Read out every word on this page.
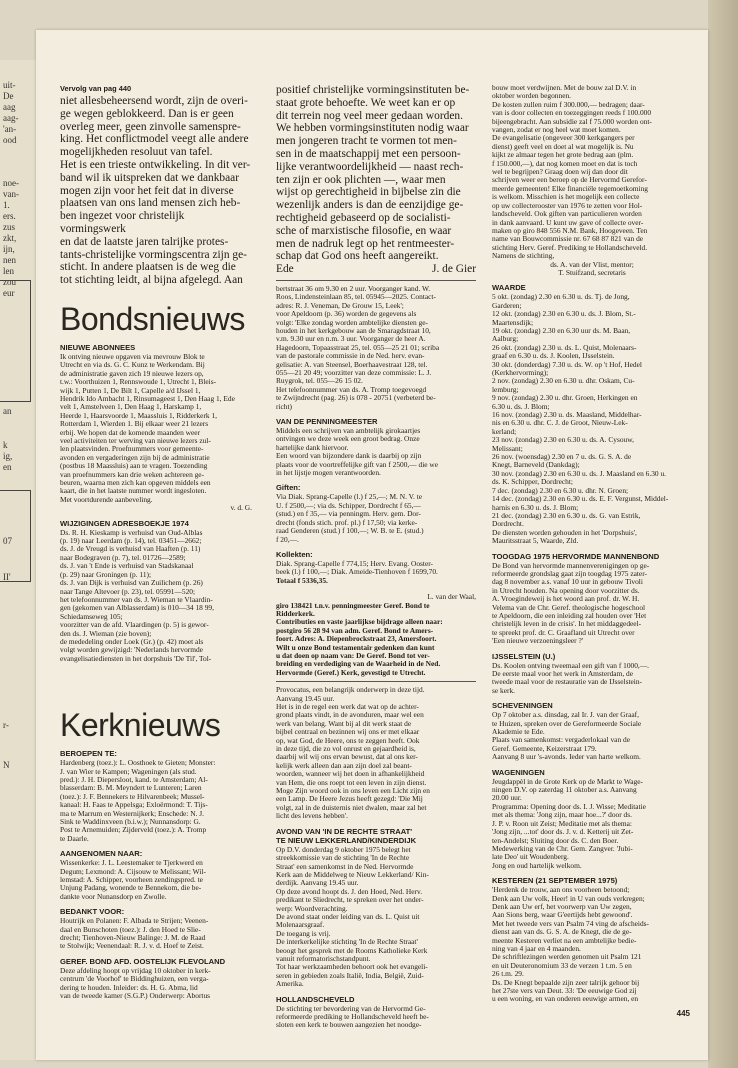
uit-
De
aag
aag-
'an-
ood
noe-
van-
1.
ers.
zus
zkt,
ijn,
nen
len
zou
eur
an
k
ig,
en
07
II'
r-
N

Vervolg van pag 440

niet allesbeheersend wordt, zijn de overi-
ge wegen geblokkeerd. Dan is er geen
overleg meer, geen zinvolle samenspre-
king. Het conflictmodel veegt alle andere
mogelijkheden resoluut van tafel.
Het is een trieste ontwikkeling. In dit ver-
band wil ik uitspreken dat we dankbaar
mogen zijn voor het feit dat in diverse
plaatsen van ons land mensen zich heb-
ben ingezet voor christelijk vormingswerk
en dat de laatste jaren talrijke protes-
tants-christelijke vormingscentra zijn ge-
sticht. In andere plaatsen is de weg die
tot stichting leidt, al bijna afgelegd. Aan

Bondsnieuws

NIEUWE ABONNEES

Ik ontving nieuwe opgaven via mevrouw Blok te
Utrecht en via ds. G. C. Kunz te Werkendam. Bij
de administratie gaven zich 19 nieuwe lezers op,
t.w.: Voorthuizen 1, Rennswoude 1, Utrecht 1, Bleis-
wijk 1, Putten 1, De Bilt 1, Capelle a/d IJssel 1,
Hendrik Ido Ambacht 1, Rinsumageest 1, Den Haag 1, Ede
velt 1, Amstelveen 1, Den Haag 1, Harskamp 1,
Heerde 1, Haarsvoorde 1, Maassluis 1, Ridderkerk 1,
Rotterdam 1, Wierden 1. Bij elkaar weer 21 lezers
erbij. We hopen dat de komende maanden weer
veel activiteiten ter werving van nieuwe lezers zul-
len plaatsvinden. Proefnummers voor gemeente-
avonden en vergaderingen zijn bij de administratie
(postbus 18 Maassluis) aan te vragen. Toezending
van proefnummers kan drie weken achtereen ge-
beuren, waarna men zich kan opgeven middels een
kaart, die in het laatste nummer wordt ingesloten.
Met voortdurende aanbeveling.

v. d. G.

WIJZIGINGEN ADRESBOEKJE 1974

Ds. R. H. Kieskamp is verhuisd van Oud-Alblas
(p. 19) naar Leerdam (p. 14), tel. 03451—2662;
ds. J. de Vreugd is verhuisd van Haaften (p. 11)
naar Bodegraven (p. 7), tel. 01726—2589;
ds. J. van 't Ende is verhuisd van Stadskanaal
(p. 29) naar Groningen (p. 11);
ds. J. van Dijk is verhuisd van Zuilichem (p. 26)
naar Tange Altevoer (p. 23), tel. 05991—520;
het telefoonnummer van ds. J. Wieman te Vlaardin-
gen (gekomen van Alblasserdam) is 010—34 18 99,
Schiedamseweg 105;
voorzitter van de afd. Vlaardingen (p. 5) is gewor-
den ds. J. Wieman (zie boven);
de mededeling onder Loek (Gr.) (p. 42) moet als
volgt worden gewijzigd: 'Nederlands hervormde
evangelisatiediensten in het dorpshuis 'De Til', Tol-

Kerknieuws

BEROEPEN TE:

Hardenberg (toez.): L. Oosthoek te Gieten; Monster:
J. van Wier te Kampen; Wageningen (als stud.
pred.): J. H. Diepersloot, kand. te Amsterdam; Al-
blasserdam: B. M. Meyndert te Lunteren; Laren
(toez.): J. F. Bennekers te Hilvarenbeek; Mussel-
kanaal: H. Faas te Appelsga; Exloërmond: T. Tijs-
ma te Marrum en Westernijkerk; Enschede: N. J.
Sink te Waddinxveen (b.i.w.); Nunnansdorp: G.
Post te Arnemuiden; Zijderveld (toez.): A. Tromp
te Daarle.

AANGENOMEN NAAR:

Wissenkerke: J. L. Leestemaker te Tjerkwerd en
Degum; Lexmond: A. Cijsouw te Melissant; Wil-
lemstad: A. Schipper, voorheen zendingspred. te
Unjung Padang, wonende te Bennekom, die be-
dankte voor Nunansdorp en Zwolle.

BEDANKT VOOR:

Houtrijk en Polanen: F. Albada te Strijen; Veenen-
daal en Bunschoten (toez.): J. den Hoed te Slie-
drecht; Tienhoven-Nieuw Balinge: J. M. de Raad
te Stolwijk; Veenendaal: R. J. v. d. Hoef te Zeist.

GEREF. BOND AFD. OOSTELIJK FLEVOLAND

Deze afdeling hoopt op vrijdag 10 oktober in kerk-
centrum 'de Voorhof' te Biddinghuizen, een verga-
dering te houden. Inleider: ds. H. G. Abma, lid
van de tweede kamer (S.G.P.) Onderwerp: Abortus

positief christelijke vormingsinstituten be-
staat grote behoefte. We weet kan er op
dit terrein nog veel meer gedaan worden.
We hebben vormingsinstituten nodig waar
men jongeren tracht te vormen tot men-
sen in de maatschappij met een persoon-
lijke verantwoordelijkheid — naast rech-
ten zijn er ook plichten —, waar men
wijst op gerechtigheid in bijbelse zin die
wezenlijk anders is dan de eenzijdige ge-
rechtigheid gebaseerd op de socialisti-
sche of marxistische filosofie, en waar
men de nadruk legt op het rentmeester-
schap dat God ons heeft aangereikt.

Ede	J. de Gier

bertstraat 36 om 9.30 en 2 uur. Voorganger kand. W.
Roos, Lindensteinlaan 85, tel. 05945—2025. Contact-
adres: R. J. Veneman, De Grouw 15, Leek';
voor Apeldoorn (p. 36) worden de gegevens als
volgt: 'Elke zondag worden ambtelijke diensten ge-
houden in het kerkgebouw aan de Smaragdstraat 10,
v.m. 9.30 uur en n.m. 3 uur. Voorganger de heer A.
Hagedoorn, Topaasstraat 25, tel. 055—25 21 01; scriba
van de pastorale commissie in de Ned. herv. evan-
gelisatie: A. van Steensel, Boerhaavestraat 128, tel.
055—21 20 49; voorzitter van deze commissie: L. J.
Ruygrok, tel. 055—26 15 02.
Het telefoonnummer van ds. A. Tromp toegevoegd
te Zwijndrecht (pag. 26) is 078 - 20751 (verbeterd be-
richt)

VAN DE PENNINGMEESTER

Middels een schrijven van ambtelijk girokaartjes
ontvingen we deze week een groot bedrag. Onze
hartelijke dank hiervoor.
Een woord van bijzondere dank is daarbij op zijn
plaats voor de voortreffelijke gift van f 2500,— die we
in het lijstje mogen verantwoorden.

Giften:

Via Diak. Sprang-Capelle (l.) f 25,—; M. N. V. te
U. f 2500,—; via ds. Schipper, Dordrecht f 65,—
(stud.) en f 35,— via penningm. Herv. gem. Dor-
drecht (fonds stich. prof. pl.) f 17,50; via kerke-
raad Genderen (stud.) f 100,—; W. B. te E. (stud.)
f 20,—.

Kollekten:

Diak. Sprang-Capelle f 774,15; Herv. Evang. Ooster-
beek (l.) f 100,—; Diak. Ameide-Tienhoven f 1699,70.

Totaal f 5336,35.

L. van der Waal,

giro 138421 t.n.v. penningmeester Geref. Bond te
Ridderkerk.
Contributies en vaste jaarlijkse bijdrage alleen naar:
postgiro 56 28 94 van adm. Geref. Bond te Amers-
foort. Adres: A. Diepenbrockstraat 23, Amersfoort.
Wilt u onze Bond testamentair gedenken dan kunt
u dat doen op naam van: De Geref. Bond tot ver-
breiding en verdediging van de Waarheid in de Ned.
Hervormde (Geref.) Kerk, gevestigd te Utrecht.

Provocatus, een belangrijk onderwerp in deze tijd.
Aanvang 19.45 uur.
Het is in de regel een werk dat wat op de achter-
grond plaats vindt, in de avonduren, maar wel een
werk van belang. Want bij al dit werk staat de
bijbel centraal en bezinnen wij ons er met elkaar
op, wat God, de Heere, ons te zeggen heeft. Ook
in deze tijd, die zo vol onrust en gejaardheid is,
daarbij wil wij ons ervan bewust, dat al ons ker-
kelijk werk alleen dan aan zijn doel zal beant-
woorden, wanneer wij het doen in afhankelijkheid
van Hem, die ons roept tot een leven in zijn dienst.
Moge Zijn woord ook in ons leven een Licht zijn en
een Lamp. De Heere Jezus heeft gezegd: 'Die Mij
volgt, zal in de duisternis niet dwalen, maar zal het
licht des levens hebben'.

AVOND VAN 'IN DE RECHTE STRAAT'
TE NIEUW LEKKERLAND/KINDERDIJK

Op D.V. donderdag 9 oktober 1975 belegt het
streekkomissie van de stichting 'In de Rechte
Straat' een samenkomst in de Ned. Hervormde
Kerk aan de Middelweg te Nieuw Lekkerland/ Kin-
derdijk. Aanvang 19.45 uur.
Op deze avond hoopt ds. J. den Hoed, Ned. Herv.
predikant te Sliedrecht, te spreken over het onder-
werp: Woordverachting.
De avond staat onder leiding van ds. L. Quist uit
Molenaarsgraaf.
De toegang is vrij.
De interkerkelijke stichting 'In de Rechte Straat'
beoogt het gesprek met de Rooms Katholieke Kerk
vanuit reformatorischstandpunt.
Tot haar werkzaamheden behoort ook het evangeli-
seren in gebieden zoals Italië, India, België, Zuid-
Amerika.

HOLLANDSCHEVELD

De stichting ter bevordering van de Hervormd Ge-
reformeerde prediking te Hollandscheveld heeft be-
sloten een kerk te bouwen aangezien het noodge-

bouw moet verdwijnen. Met de bouw zal D.V. in
oktober worden begonnen.
De kosten zullen ruim f 300.000,— bedragen; daar-
van is door collecten en toezeggingen reeds f 100.000
bijeengebracht. Aan subsidie zal f 75.000 worden ont-
vangen, zodat er nog heel wat moet komen.
De evangelisatie (ongeveer 300 kerkgangers per
dienst) geeft veel en doet al wat mogelijk is. Nu
kijkt ze almaar tegen het grote bedrag aan (plm.
f 150.000,—), dat nog komen moet en dat is toch
wel te begrijpen? Graag doen wij dan door dit
schrijven weer een beroep op de Hervormd Gerefor-
meerde gemeenten! Elke financiële tegemoetkoming
is welkom. Misschien is het mogelijk een collecte
op uw collecterooster van 1976 te zetten voor Hol-
landscheveld. Ook giften van particulieren worden
in dank aanvaard. U kunt uw gave of collecte over-
maken op giro 848 556 N.M. Bank, Hoogeveen. Ten
name van Bouwcommissie nr. 67 68 87 821 van de
stichting Herv. Geref. Prediking te Hollandscheveld.
Namens de stichting,

ds. A. van der Vlist, mentor;
T. Stuifzand, secretaris

WAARDE

5 okt. (zondag) 2.30 en 6.30 u. ds. Tj. de Jong,
Garderen;
12 okt. (zondag) 2.30 en 6.30 u. ds. J. Blom, St.-
Maartensdijk;
19 okt. (zondag) 2.30 en 6.30 uur ds. M. Baan,
Aalburg;
26 okt. (zondag) 2.30 u. ds. L. Quist, Molenaars-
graaf en 6.30 u. ds. J. Koolen, IJsselstein.
30 okt. (donderdag) 7.30 u. ds. W. op 't Hof, Hedel
(Kerkhervorming);
2 nov. (zondag) 2.30 en 6.30 u. dhr. Oskam, Cu-
lemburg;
9 nov. (zondag) 2.30 u. dhr. Groen, Herkingen en
6.30 u. ds. J. Blom;
16 nov. (zondag) 2.30 u. ds. Maasland, Middelhar-
nis en 6.30 u. dhr. C. J. de Groot, Nieuw-Lek-
kerland;
23 nov. (zondag) 2.30 en 6.30 u. ds. A. Cysouw,
Melissant;
26 nov. (woensdag) 2.30 en 7 u. ds. G. S. A. de
Knegt, Barneveld (Dankdag);
30 nov. (zondag) 2.30 en 6.30 u. ds. J. Maasland en 6.30 u.
ds. K. Schipper, Dordrecht;
7 dec. (zondag) 2.30 en 6.30 u. dhr. N. Groen;
14 dec. (zondag) 2.30 en 6.30 u. ds. E. F. Vergunst, Middel-
harnis en 6.30 u. ds. J. Blom;
21 dec. (zondag) 2.30 en 6.30 u. ds. G. van Estrik,
Dordrecht.
De diensten worden gehouden in het 'Dorpshuis',
Mauritsstraat 5, Waarde, Zld.

TOOGDAG 1975 HERVORMDE MANNENBOND

De Bond van hervormde mannenverenigingen op ge-
reformeerde grondslag gaat zijn toogdag 1975 zater-
dag 8 november a.s. vanaf 10 uur in gebouw Tivoli
in Utrecht houden. Na opening door voorzitter ds.
A. Vroegindeweij is het woord aan prof. dr. W. H.
Velema van de Chr. Geref. theologische hogeschool
te Apeldoorn, die een inleiding zal houden over 'Het
christelijk leven in de crisis'. In het middaggedeel-
te spreekt prof. dr. C. Graafland uit Utrecht over
'Een nieuwe verzoeningsleer ?'

IJSSELSTEIN (U.)

Ds. Koolen ontving tweemaal een gift van f 1000,—.
De eerste maal voor het werk in Amsterdam, de
tweede maal voor de restauratie van de IJsselstein-
se kerk.

SCHEVENINGEN

Op 7 oktober a.s. dinsdag, zal Ir. J. van der Graaf,
te Huizen, spreken over de Gereformeerde Sociale
Akademie te Ede.
Plaats van samenkomst: vergaderlokaal van de
Geref. Gemeente, Keizerstraat 179.
Aanvang 8 uur 's-avonds. Ieder van harte welkom.

WAGENINGEN

Jeugdappèl in de Grote Kerk op de Markt te Wage-
ningen D.V. op zaterdag 11 oktober a.s. Aanvang
20.00 uur.
Programma: Opening door ds. I. J. Wisse; Meditatie
met als thema: 'Jong zijn, maar hoe...?' door ds.
J. P. v. Roon uit Zeist; Meditatie met als thema:
'Jong zijn, ...tot' door ds. J. v. d. Ketterij uit Zet-
ten-Andelst; Sluiting door ds. C. den Boer.
Medewerking van de Chr. Gem. Zangver. 'Jubi-
late Deo' uit Woudenberg.
Jong en oud hartelijk welkom.

KESTEREN (21 SEPTEMBER 1975)

'Herdenk de trouw, aan ons voorheen betoond;
Denk aan Uw volk, Heer! in U van ouds verkregen;
Denk aan Uw erf, het voorwerp van Uw zegen,
Aan Sions berg, waar G'eertijds hebt gewoond'.
Met het tweede vers van Psalm 74 ving de afscheids-
dienst aan van ds. G. S. A. de Knegt, die de ge-
meente Kesteren verliet na een ambtelijke bedie-
ning van 4 jaar en 4 maanden.
De schriftlezingen werden genomen uit Psalm 121
en uit Deuteronomium 33 de verzen 1 t.m. 5 en
26 t.m. 29.
Ds. De Knegt bepaalde zijn zeer talrijk gehoor bij
het 27ste vers van Deut. 33: 'De eeuwige God zij
u een woning, en van onderen eeuwige armen, en

445
